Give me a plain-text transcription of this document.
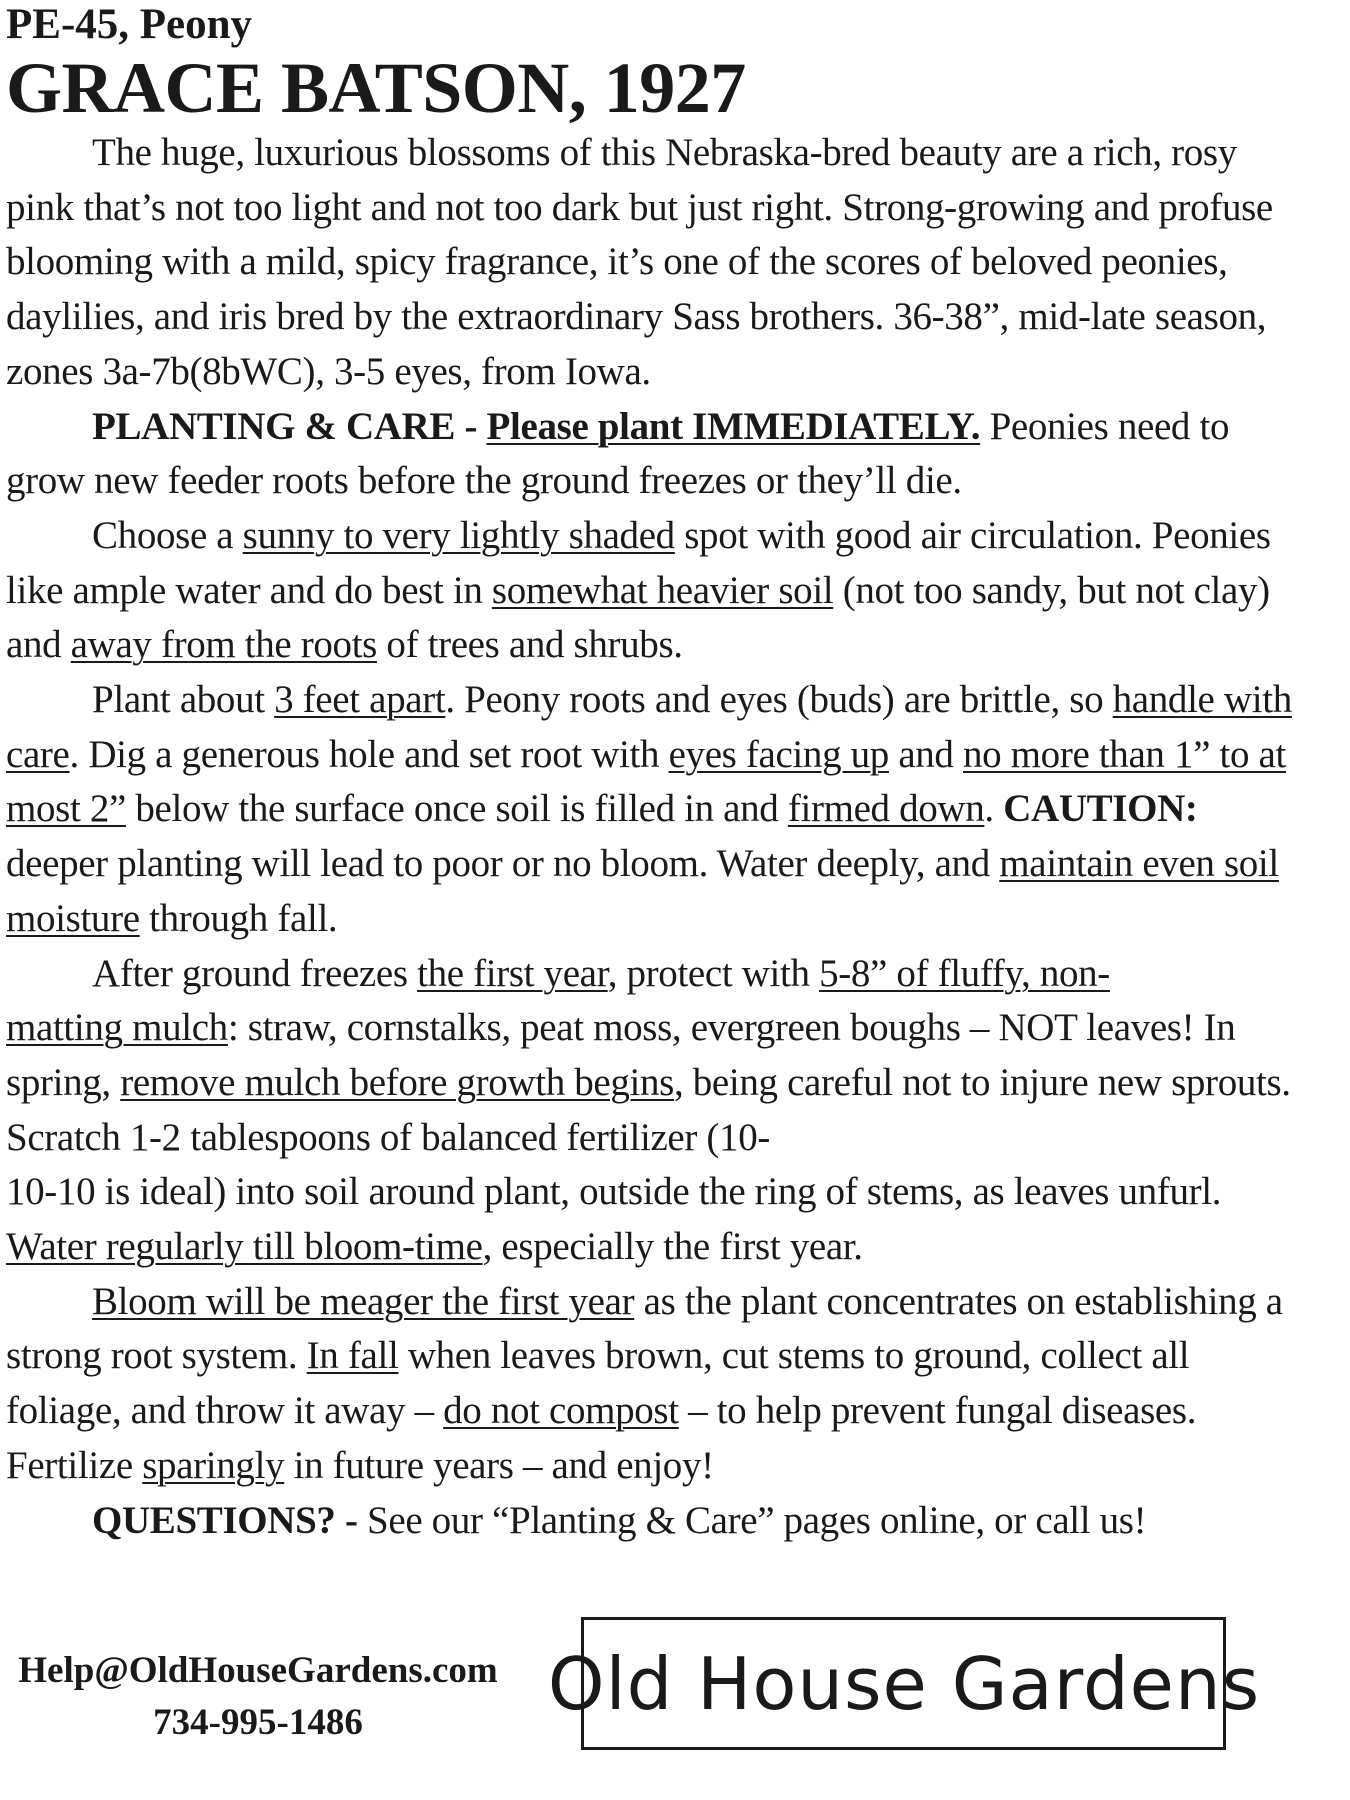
PE-45, Peony

GRACE BATSON, 1927

The huge, luxurious blossoms of this Nebraska-bred beauty are a rich, rosy pink that’s not too light and not too dark but just right. Strong-growing and profuse blooming with a mild, spicy fragrance, it’s one of the scores of beloved peonies, daylilies, and iris bred by the extraordinary Sass brothers. 36-38”, mid-late season, zones 3a-7b(8bWC), 3-5 eyes, from Iowa.

PLANTING & CARE - Please plant IMMEDIATELY. Peonies need to grow new feeder roots before the ground freezes or they’ll die.

Choose a sunny to very lightly shaded spot with good air circulation. Peonies like ample water and do best in somewhat heavier soil (not too sandy, but not clay) and away from the roots of trees and shrubs.

Plant about 3 feet apart. Peony roots and eyes (buds) are brittle, so handle with care. Dig a generous hole and set root with eyes facing up and no more than 1” to at most 2” below the surface once soil is filled in and firmed down. CAUTION: deeper planting will lead to poor or no bloom. Water deeply, and maintain even soil moisture through fall.

After ground freezes the first year, protect with 5-8” of fluffy, non-
matting mulch: straw, cornstalks, peat moss, evergreen boughs – NOT leaves! In spring, remove mulch before growth begins, being careful not to injure new sprouts. Scratch 1-2 tablespoons of balanced fertilizer (10-
10-10 is ideal) into soil around plant, outside the ring of stems, as leaves unfurl. Water regularly till bloom-time, especially the first year.

Bloom will be meager the first year as the plant concentrates on establishing a strong root system. In fall when leaves brown, cut stems to ground, collect all foliage, and throw it away – do not compost – to help prevent fungal diseases. Fertilize sparingly in future years – and enjoy!

QUESTIONS? - See our “Planting & Care” pages online, or call us!

Help@OldHouseGardens.com
734-995-1486	Old House Gardens
